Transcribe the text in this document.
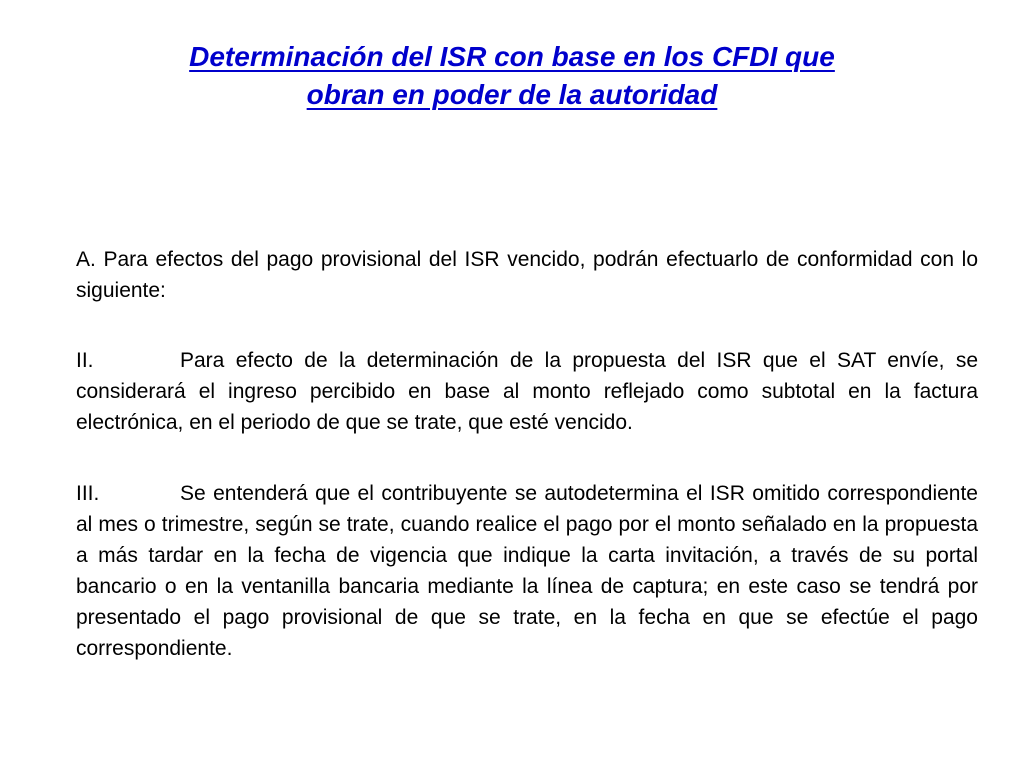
Determinación del ISR con base en los CFDI que
obran en poder de la autoridad
A. Para efectos del pago provisional del ISR vencido, podrán efectuarlo de conformidad con lo siguiente:
II.	Para efecto de la determinación de la propuesta del ISR que el SAT envíe, se considerará el ingreso percibido en base al monto reflejado como subtotal en la factura electrónica, en el periodo de que se trate, que esté vencido.
III.	Se entenderá que el contribuyente se autodetermina el ISR omitido correspondiente al mes o trimestre, según se trate, cuando realice el pago por el monto señalado en la propuesta a más tardar en la fecha de vigencia que indique la carta invitación, a través de su portal bancario o en la ventanilla bancaria mediante la línea de captura; en este caso se tendrá por presentado el pago provisional de que se trate, en la fecha en que se efectúe el pago correspondiente.
